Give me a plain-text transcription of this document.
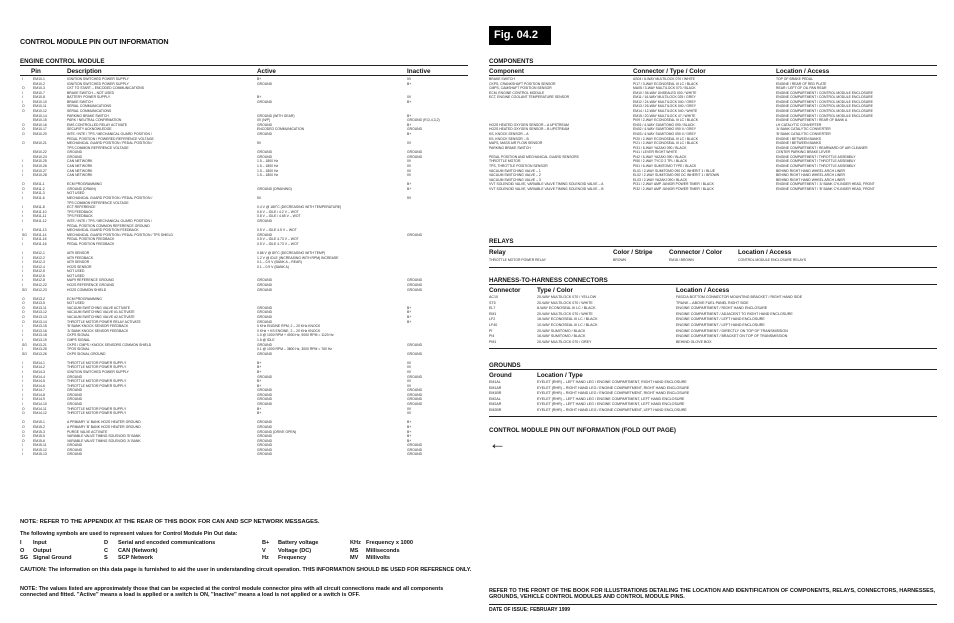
CONTROL MODULE PIN OUT INFORMATION
ENGINE CONTROL MODULE
Pin	Description	Active	Inactive
I	EM10-1	IGNITION SWITCHED POWER SUPPLY	B+	0V
EM10-2	IGNITION SWITCHED POWER SUPPLY	GROUND	B+
O EM10-3	CKT TO START – ENCODED COMMUNICATIONS
I	EM10-7	BRAKE SWITCH – NOT USED
I	EM10-8	BATTERY POWER SUPPLY	B+	0V
I	EM10-10	BRAKE SWITCH	GROUND	B+
O EM10-11	SERIAL COMMUNICATIONS
O EM10-12	SERIAL COMMUNICATIONS
EM10-14	PARKING BRAKE SWITCH	GROUND (WITH GEAR)	B+
EM10-15	PARK / NEUTRAL CONFIRMATION	0V (N/P)	GROUND (R,D,4,3,2)
O EM10-16	EMS CONTROLLED RELAY ACTIVATE	GROUND	B+
O EM10-17	SECURITY ACKNOWLEDGE	ENCODED COMMUNICATION	GROUND
O EM10-20	INTE / INTE / TPS / MECHANICAL GUARD POSITION /	GROUND	B+
PEDAL POSITION / POWERED REFERENCE VOLTAGE
O EM10-21	MECHANICAL GUARD POSITION / PEDAL POSITION /	5V	0V
TPS COMMON REFERENCE VOLTAGE
EM10-22	GROUND	GROUND	GROUND
EM10-24	GROUND	GROUND	GROUND
I	EM10-25	CAN NETWORK	1.5 – 1800 Hz	0V
I	EM10-26	CAN NETWORK	1.5 – 1800 Hz	0V
I	EM10-27	CAN NETWORK	1.5 – 1800 Hz	0V
I	EM10-28	CAN NETWORK	1.5 – 1800 Hz	0V
O EM11-1	ECM PROGRAMMING	B+
O EM11-2	GROUND (DRAIN)	GROUND (DRAINING)	B+
I	EM11-3	NOT USED
I	EM11-6	MECHANICAL GUARD POSITION / PEDAL POSITION /	5V	5V
TPS COMMON REFERENCE VOLTAGE
I	EM11-8	ECT REFERENCE	0.4 V @ 180°C (DECREASING WITH TEMPERATURE)
I	EM11-10	TPS FEEDBACK	0.6 V – IDLE / 4.2 V – WOT
I	EM11-11	TPS FEEDBACK	0.8 V – IDLE / 4.65 V – WOT
I	EM11-12	INTE / INTE / TPS / MECHANICAL GUARD POSITION /	GROUND
PEDAL POSITION COMMON REFERENCE GROUND
I	EM11-13	MECHANICAL GUARD POSITION FEEDBACK	0.5 V – IDLE 4.5 V – WOT
SG EM11-14	MECHANICAL GUARD POSITION / PEDAL POSITION / TPS SHIELD	GROUND	GROUND
I	EM11-15	PEDAL POSITION FEEDBACK	0.5 V – IDLE 4.73 V – WOT
I	EM11-16	PEDAL POSITION FEEDBACK	0.5 V – IDLE 4.73 V – WOT
I	EM12-1	IAT9 SENSOR	0.86 V @ 80°C (DECREASING WITH TEMP)
I	EM12-2	IAT9 FEEDBACK	1.2 V @ IDLE (INCREASING WITH RPM) INCREASE
I	EM12-3	IAT9 SENSOR	0.1 – 0.9 V (BANK A – REAR)
I	EM12-4	HO2S SENSOR	0.1 – 0.9 V (BANK A)
I	EM12-5	NOT USED
I	EM12-6	NOT USED
I	EM12-8	MAF9 REFERENCE GROUND	GROUND	GROUND
I	EM12-22	HO2S REFERENCE GROUND	GROUND	GROUND
SG EM12-23	HO2S COMMON SHIELD	GROUND	GROUND
O EM13-2	ECM PROGRAMMING
O EM13-5	NOT USED
O EM13-11	VACUUM SWITCHING VALVE ACTIVATE	GROUND	B+
O EM13-12	VACUUM SWITCHING VALVE #1 ACTIVATE	GROUND	B+
O EM13-13	VACUUM SWITCHING VALVE #2 ACTIVATE	GROUND	B+
O EM13-14	THROTTLE MOTOR POWER RELAY ACTIVATE	GROUND	B+
I	EM13-15	'B' BANK KNOCK SENSOR FEEDBACK	0 KHz ENGINE RPM, 2 – 20 KHz KNOCK
I	EM13-16	'A' BANK KNOCK SENSOR FEEDBACK	0 KHz + KS ENGINE, 2 – 20 KHz KNOCK
I	EM13-18	CKPS SIGNAL	1.0 @ 1000 RPM + 4900 Hz, 9000 RPM = 1120 Hz
I	EM13-19	CMPS SIGNAL	1.6 @ IDLE
SG EM13-21	CKPS / CMPS / KNOCK SENSORS COMMON SHIELD	GROUND	GROUND
I	EM13-25	TPOS SIGNAL	0.1 @ 1000 RPM – 3800 Hz, 3000 RPM = 760 Hz
SG EM13-26	CKPS SIGNAL GROUND	GROUND	GROUND
I	EM14-1	THROTTLE MOTOR POWER SUPPLY	B+	0V
I	EM14-2	THROTTLE MOTOR POWER SUPPLY	B+	0V
I	EM14-3	IGNITION SWITCHED POWER SUPPLY	B+	0V
I	EM14-4	GROUND	GROUND	GROUND
I	EM14-5	THROTTLE MOTOR POWER SUPPLY	B+	0V
I	EM14-6	THROTTLE MOTOR POWER SUPPLY	B+	0V
I	EM14-7	GROUND	GROUND	GROUND
I	EM14-8	GROUND	GROUND	GROUND
I	EM14-9	GROUND	GROUND	GROUND
I	EM14-10	GROUND	GROUND	GROUND
O EM14-11	THROTTLE MOTOR POWER SUPPLY	B+	0V
O EM14-12	THROTTLE MOTOR POWER SUPPLY	B+	0V
O EM15-1	A PRIMARY 'A' BANK HO2S HEATER GROUND	GROUND	B+
O EM15-2	A PRIMARY 'B' BANK HO2S HEATER GROUND	GROUND	B+
O EM15-3	PURGE VALVE ACTIVATE	GROUND (DRIVE OPEN)	B+
O EM15-5	VARIABLE VALVE TIMING SOLENOID 'B' BANK	GROUND	B+
O EM15-6	VARIABLE VALVE TIMING SOLENOID 'A' BANK	GROUND	B+
I	EM15-11	GROUND	GROUND	GROUND
I	EM15-12	GROUND	GROUND	GROUND
I	EM15-13	GROUND	GROUND	GROUND
NOTE: REFER TO THE APPENDIX AT THE REAR OF THIS BOOK FOR CAN AND SCP NETWORK MESSAGES.
The following symbols are used to represent values for Control Module Pin Out data:
I Input	D Serial and encoded communications	B+ Battery voltage	KHz Frequency x 1000
O Output	C CAN (Network)	V Voltage (DC)	MS Milliseconds
SG Signal Ground	S SCP Network	Hz Frequency	MV Millivolts
CAUTION: The information on this data page is furnished to aid the user in understanding circuit operation. THIS INFORMATION SHOULD BE USED FOR REFERENCE ONLY.
NOTE: The values listed are approximately those that can be expected at the control module connector pins with all circuit connections made and all components connected and fitted. "Active" means a load is applied or a switch is ON, "Inactive" means a load is not applied or a switch is OFF.
Fig. 04.2
COMPONENTS
Component	Connector / Type / Color	Location / Access
BRAKE SWITCH	AS04 / 6-WAY MULTILOCK 070 / WHITE	TOP OF BRAKE PEDAL
CKPS, CRANKSHAFT POSITION SENSOR	PI17 / 3-WAY ECONOSEAL III LC / BLACK	ENGINE / REAR OF RED PLATE
CMPS, CAMSHAFT POSITION SENSOR	MA05 / 3-WAY MULTILOCK 070 / BLACK	REAR / LEFT OF OIL PAN REAR
ECM, ENGINE CONTROL MODULE	EM10 / 36-WAY UNSEALED 000 / WHITE	ENGINE COMPARTMENT / CONTROL MODULE ENCLOSURE
ECT, ENGINE COOLANT TEMPERATURE SENSOR	EM11 / 16-WAY MULTILOCK 025 / GREY	ENGINE COMPARTMENT / CONTROL MODULE ENCLOSURE
EM12 / 24-WAY MULTILOCK 040 / GREY	ENGINE COMPARTMENT / CONTROL MODULE ENCLOSURE
EM13 / 26-WAY MULTILOCK 040 / GREY	ENGINE COMPARTMENT / CONTROL MODULE ENCLOSURE
EM14 / 12-WAY MULTILOCK 040 / WHITE	ENGINE COMPARTMENT / CONTROL MODULE ENCLOSURE
EM15 / 20-WAY MULTILOCK 47 / WHITE	ENGINE COMPARTMENT / CONTROL MODULE ENCLOSURE
PI09 / 2-WAY ECONOSEAL III LC / BLACK	ENGINE COMPARTMENT / REAR OF BANK A
HO2S HEATED OXYGEN SENSOR – A UPSTREAM	EN01 / 4-WAY SUMITOMO 090 / BLACK	LH CATALYTIC CONVERTER
HO2S HEATED OXYGEN SENSOR – B UPSTREAM	EN02 / 4-WAY SUMITOMO 090 II / GREY	'A' BANK CATALYTIC CONVERTER
KS, KNOCK SENSOR – A	EN03 / 4-WAY SUMITOMO 090 II / GREY	'B' BANK CATALYTIC CONVERTER
KS, KNOCK SENSOR – B	PI20 / 2-WAY ECONOSEAL III LC / BLACK	ENGINE / BETWEEN BANKS
MAFS, MASS AIR FLOW SENSOR	PI21 / 2-WAY ECONOSEAL III LC / BLACK	ENGINE / BETWEEN BANKS
PARKING BRAKE SWITCH	PI31 / 5-WAY YAZAKI 090 / BLACK	ENGINE COMPARTMENT / REARWARD OF AIR CLEANER
PI41 / LEVER RIGHT WHITE	CENTER PARKING BRAKE LEVER
PEDAL POSITION AND MECHANICAL GUARD SENSORS	PI42 / 6-WAY YAZAKI 090 / BLACK	ENGINE COMPARTMENT / THROTTLE ASSEMBLY
THROTTLE MOTOR	PI50 / 2-WAY TYCO 2 TPL / BLACK	ENGINE COMPARTMENT / THROTTLE ASSEMBLY
TPS, THROTTLE POSITION SENSOR	PI51 / 6-WAY SUMITOMO TYPE / BLACK	ENGINE COMPARTMENT / THROTTLE ASSEMBLY
VACUUM SWITCHING VALVE – 1	EL01 / 2-WAY SUMITOMO 090 DC INHERIT 1 / BLUE	BEHIND RIGHT HAND WHEEL ARCH LINER
VACUUM SWITCHING VALVE – 2	EL02 / 2-WAY SUMITOMO 090 DC INHERIT 1 / BROWN	BEHIND RIGHT HAND WHEEL ARCH LINER
VACUUM SWITCHING VALVE – 3	EL03 / 2-WAY YAZAKI 090 / BLACK	BEHIND RIGHT HAND WHEEL ARCH LINER
VVT SOLENOID VALVE, VARIABLE VALVE TIMING SOLENOID VALVE – A	PI31 / 2-WAY AMP JUNIOR POWER TIMER / BLACK	ENGINE COMPARTMENT / 'A' BANK CYLINDER HEAD, FRONT
VVT SOLENOID VALVE, VARIABLE VALVE TIMING SOLENOID VALVE – B	PI32 / 2-WAY AMP JUNIOR POWER TIMER / BLACK	ENGINE COMPARTMENT / 'B' BANK CYLINDER HEAD, FRONT
RELAYS
Relay	Color / Stripe	Connector / Color	Location / Access
THROTTLE MOTOR POWER RELAY	BROWN	EM18 / BROWN	CONTROL MODULE ENCLOSURE RELAYS
HARNESS-TO-HARNESS CONNECTORS
Connector	Type / Color	Location / Access
AC10	20-WAY MULTILOCK 070 / YELLOW	FASCIA BOTTOM CONNECTOR MOUNTING BRACKET / RIGHT HAND SIDE
ST5	20-WAY MULTILOCK 070 / WHITE	TRUNK – ABOVE FUEL PANEL RIGHT SIDE
EL7	8-WAY ECONOSEAL III LC / BLACK	ENGINE COMPARTMENT / RIGHT HAND ENCLOSURE
EM1	20-WAY MULTILOCK 070 / WHITE	ENGINE COMPARTMENT / ADJACENT TO RIGHT HAND ENCLOSURE
LF2	16-WAY ECONOSEAL III LC / BLACK	ENGINE COMPARTMENT / LEFT HAND ENCLOSURE
LF40	10-WAY ECONOSEAL III LC / BLACK	ENGINE COMPARTMENT / LEFT HAND ENCLOSURE
PI	20-WAY SUMITOMO / BLACK	ENGINE COMPARTMENT / DIRECTLY ON TOP OF TRANSMISSION
PI4	16-WAY SUMITOMO / BLACK	ENGINE COMPARTMENT / BRACKET ON TOP OF TRANSMISSION
PM1	20-WAY MULTILOCK 070 / GREY	BEHIND GLOVE BOX
GROUNDS
Ground	Location / Type
EM1AL	EYELET (RHR) – LEFT HAND LEG / ENGINE COMPARTMENT, RIGHT HAND ENCLOSURE
EM1AR	EYELET (RHR) – RIGHT HAND LEG / ENGINE COMPARTMENT, RIGHT HAND ENCLOSURE
EM1BR	EYELET (RHR) – RIGHT HAND LEG / ENGINE COMPARTMENT, RIGHT HAND ENCLOSURE
EM2AL	EYELET (RHR) – LEFT HAND LEG / ENGINE COMPARTMENT, LEFT HAND ENCLOSURE
EM2AR	EYELET (RHR) – LEFT HAND LEG / ENGINE COMPARTMENT, LEFT HAND ENCLOSURE
EM2BR	EYELET (RHR) – RIGHT HAND LEG / ENGINE COMPARTMENT, LEFT HAND ENCLOSURE
CONTROL MODULE PIN OUT INFORMATION (FOLD OUT PAGE)
←
REFER TO THE FRONT OF THE BOOK FOR ILLUSTRATIONS DETAILING THE LOCATION AND IDENTIFICATION OF COMPONENTS, RELAYS, CONNECTORS, HARNESSES, GROUNDS, VEHICLE CONTROL MODULES AND CONTROL MODULE PINS.
DATE OF ISSUE: FEBRUARY 1999
